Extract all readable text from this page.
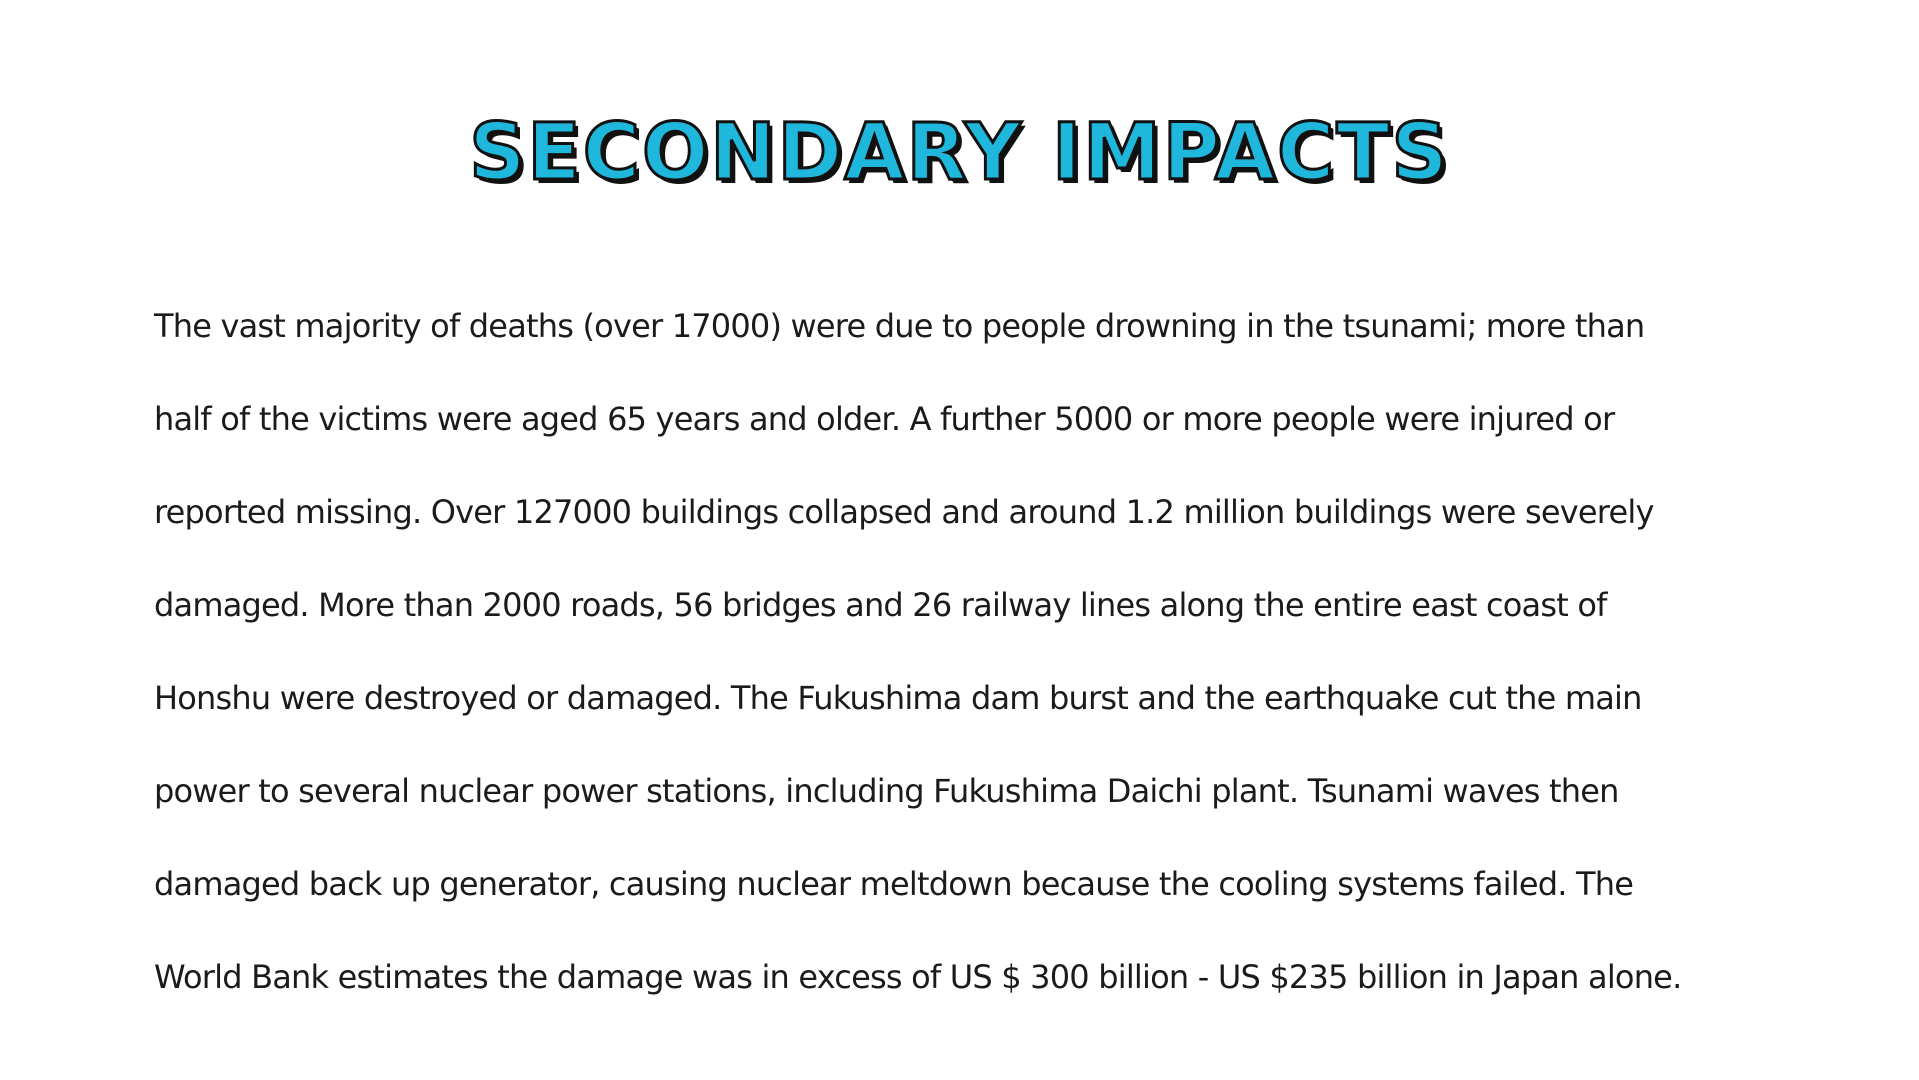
SECONDARY IMPACTS

The vast majority of deaths (over 17000) were due to people drowning in the tsunami; more than

half of the victims were aged 65 years and older. A further 5000 or more people were injured or

reported missing. Over 127000 buildings collapsed and around 1.2 million buildings were severely

damaged. More than 2000 roads, 56 bridges and 26 railway lines along the entire east coast of

Honshu were destroyed or damaged. The Fukushima dam burst and the earthquake cut the main

power to several nuclear power stations, including Fukushima Daichi plant. Tsunami waves then

damaged back up generator, causing nuclear meltdown because the cooling systems failed. The

World Bank estimates the damage was in excess of US $ 300 billion - US $235 billion in Japan alone.
